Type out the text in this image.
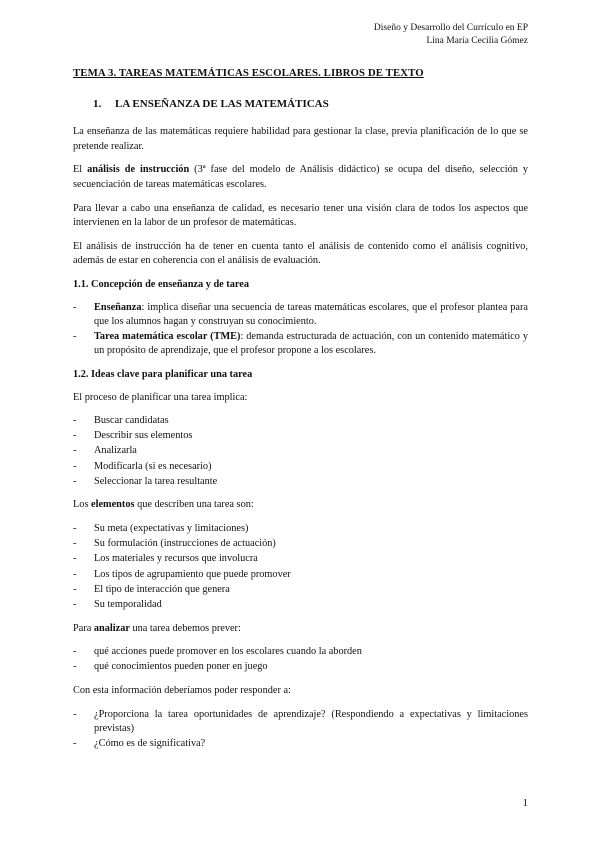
Diseño y Desarrollo del Currículo en EP
Lina María Cecilia Gómez
TEMA 3. TAREAS MATEMÁTICAS ESCOLARES. LIBROS DE TEXTO
1. LA ENSEÑANZA DE LAS MATEMÁTICAS

La enseñanza de las matemáticas requiere habilidad para gestionar la clase, previa planificación de lo que se pretende realizar.

El análisis de instrucción (3ª fase del modelo de Análisis didáctico) se ocupa del diseño, selección y secuenciación de tareas matemáticas escolares.

Para llevar a cabo una enseñanza de calidad, es necesario tener una visión clara de todos los aspectos que intervienen en la labor de un profesor de matemáticas.

El análisis de instrucción ha de tener en cuenta tanto el análisis de contenido como el análisis cognitivo, además de estar en coherencia con el análisis de evaluación.

1.1. Concepción de enseñanza y de tarea
- Enseñanza: implica diseñar una secuencia de tareas matemáticas escolares, que el profesor plantea para que los alumnos hagan y construyan su conocimiento.
- Tarea matemática escolar (TME): demanda estructurada de actuación, con un contenido matemático y un propósito de aprendizaje, que el profesor propone a los escolares.
1.2. Ideas clave para planificar una tarea

El proceso de planificar una tarea implica:

- Buscar candidatas
- Describir sus elementos
- Analizarla
- Modificarla (si es necesario)
- Seleccionar la tarea resultante

Los elementos que describen una tarea son:

- Su meta (expectativas y limitaciones)
- Su formulación (instrucciones de actuación)
- Los materiales y recursos que involucra
- Los tipos de agrupamiento que puede promover
- El tipo de interacción que genera
- Su temporalidad

Para analizar una tarea debemos prever:

- qué acciones puede promover en los escolares cuando la aborden
- qué conocimientos pueden poner en juego

Con esta información deberíamos poder responder a:

- ¿Proporciona la tarea oportunidades de aprendizaje? (Respondiendo a expectativas y limitaciones previstas)
- ¿Cómo es de significativa?
1
